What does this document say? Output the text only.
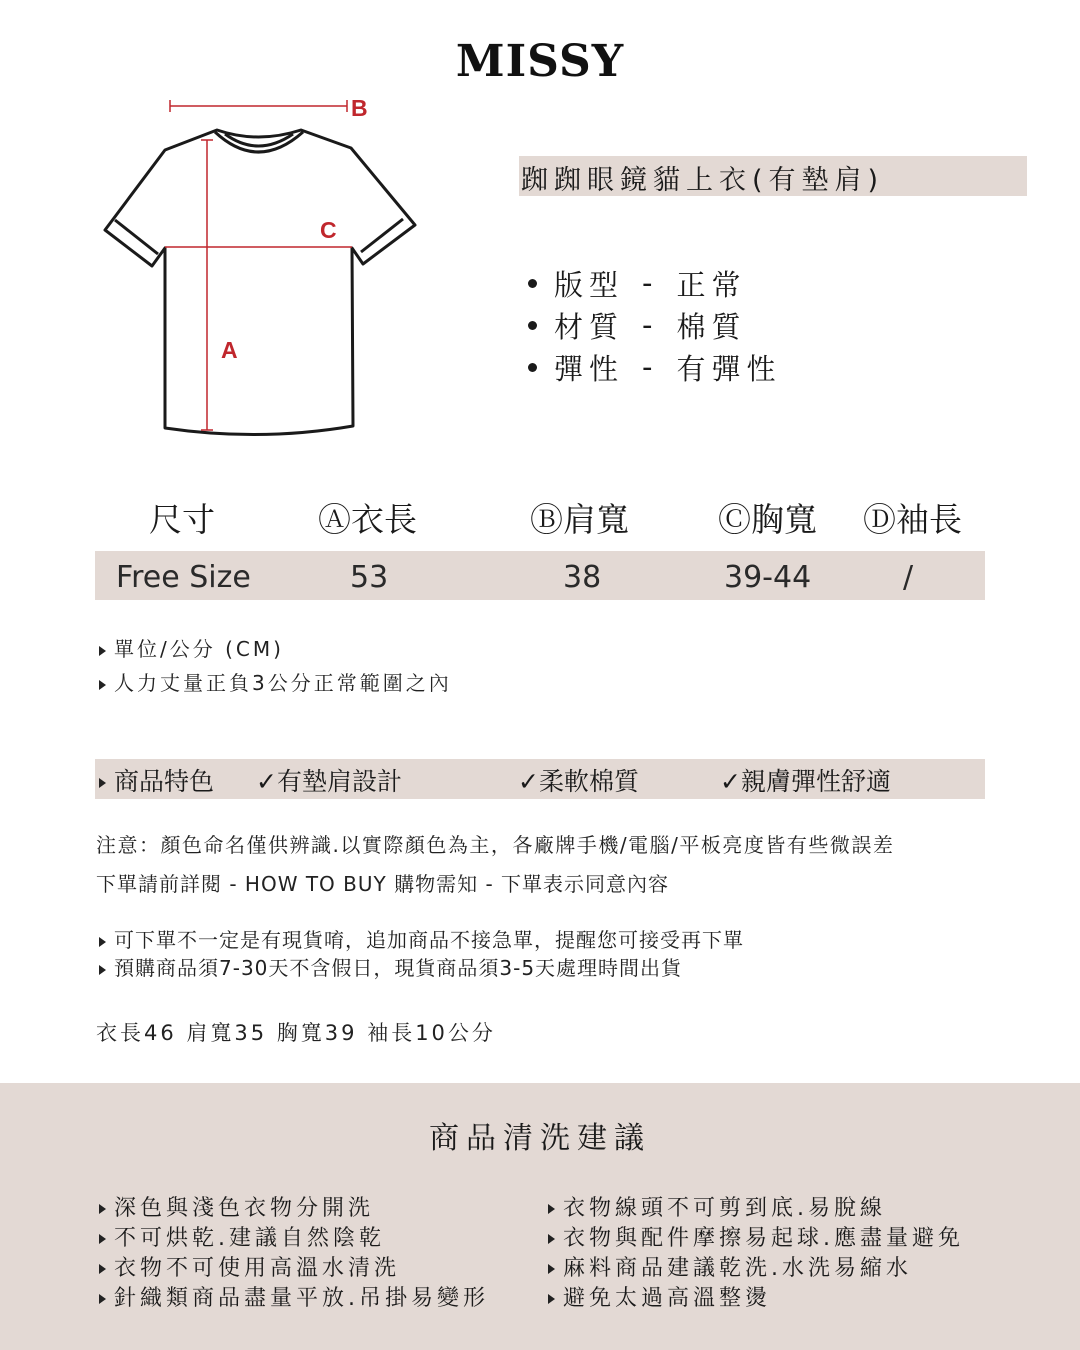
MISSY
B
C
A
踟踟眼鏡貓上衣(有墊肩)
版型 - 正常
材質 - 棉質
彈性 - 有彈性
尺寸	Ⓐ衣長	Ⓑ肩寬	Ⓒ胸寬 Ⓓ袖長
Free Size	53	38	39-44	/
單位/公分 (CM)
人力丈量正負3公分正常範圍之內
商品特色 ✓有墊肩設計	✓柔軟棉質	✓親膚彈性舒適
注意：顏色命名僅供辨識.以實際顏色為主，各廠牌手機/電腦/平板亮度皆有些微誤差
下單請前詳閱 - HOW TO BUY 購物需知 - 下單表示同意內容
可下單不一定是有現貨唷，追加商品不接急單，提醒您可接受再下單
預購商品須7-30天不含假日，現貨商品須3-5天處理時間出貨
衣長46 肩寬35 胸寬39 袖長10公分
商品清洗建議
深色與淺色衣物分開洗
不可烘乾.建議自然陰乾
衣物不可使用高溫水清洗
針織類商品盡量平放.吊掛易變形
衣物線頭不可剪到底.易脫線
衣物與配件摩擦易起球.應盡量避免
麻料商品建議乾洗.水洗易縮水
避免太過高溫整燙
